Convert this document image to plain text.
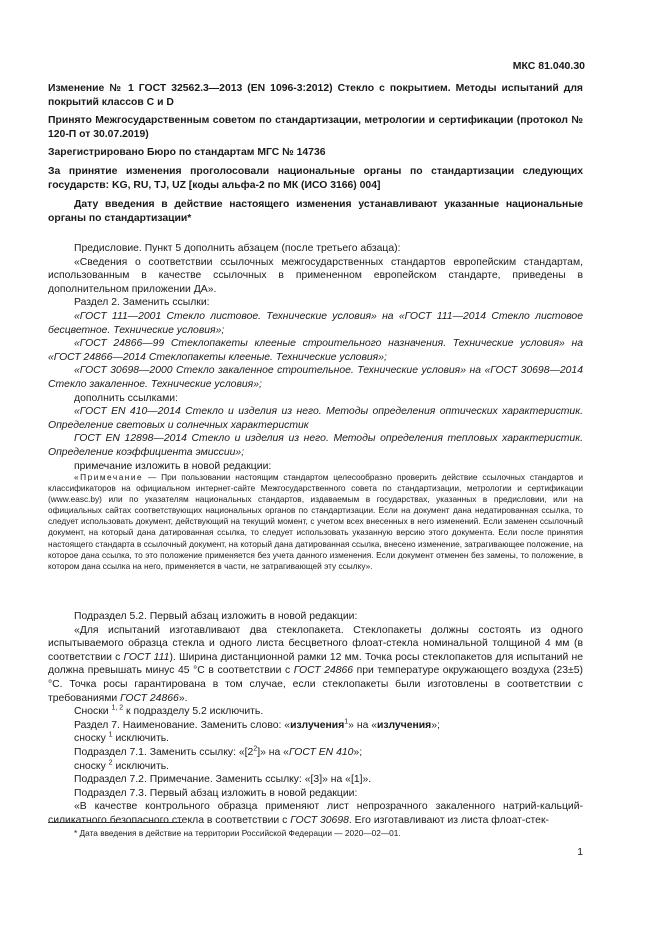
МКС 81.040.30
Изменение № 1 ГОСТ 32562.3—2013 (EN 1096-3:2012) Стекло с покрытием. Методы испытаний для покрытий классов C и D
Принято Межгосударственным советом по стандартизации, метрологии и сертификации (протокол № 120-П от 30.07.2019)
Зарегистрировано Бюро по стандартам МГС № 14736
За принятие изменения проголосовали национальные органы по стандартизации следующих государств: KG, RU, TJ, UZ [коды альфа-2 по МК (ИСО 3166) 004]
Дату введения в действие настоящего изменения устанавливают указанные национальные органы по стандартизации*

Предисловие. Пункт 5 дополнить абзацем (после третьего абзаца):

«Сведения о соответствии ссылочных межгосударственных стандартов европейским стандартам, использованным в качестве ссылочных в примененном европейском стандарте, приведены в дополнительном приложении ДА».

Раздел 2. Заменить ссылки:

«ГОСТ 111—2001 Стекло листовое. Технические условия» на «ГОСТ 111—2014 Стекло листовое бесцветное. Технические условия»;

«ГОСТ 24866—99 Стеклопакеты клееные строительного назначения. Технические условия» на «ГОСТ 24866—2014 Стеклопакеты клееные. Технические условия»;

«ГОСТ 30698—2000 Стекло закаленное строительное. Технические условия» на «ГОСТ 30698—2014 Стекло закаленное. Технические условия»;

дополнить ссылками:

«ГОСТ EN 410—2014 Стекло и изделия из него. Методы определения оптических характеристик. Определение световых и солнечных характеристик

ГОСТ EN 12898—2014 Стекло и изделия из него. Методы определения тепловых характеристик. Определение коэффициента эмиссии»;

примечание изложить в новой редакции:

«Примечание — При пользовании настоящим стандартом целесообразно проверить действие ссылочных стандартов и классификаторов на официальном интернет-сайте Межгосударственного совета по стандартизации, метрологии и сертификации (www.easc.by) или по указателям национальных стандартов, издаваемым в государствах, указанных в предисловии, или на официальных сайтах соответствующих национальных органов по стандартизации. Если на документ дана недатированная ссылка, то следует использовать документ, действующий на текущий момент, с учетом всех внесенных в него изменений. Если заменен ссылочный документ, на который дана датированная ссылка, то следует использовать указанную версию этого документа. Если после принятия настоящего стандарта в ссылочный документ, на который дана датированная ссылка, внесено изменение, затрагивающее положение, на которое дана ссылка, то это положение применяется без учета данного изменения. Если документ отменен без замены, то положение, в котором дана ссылка на него, применяется в части, не затрагивающей эту ссылку».

Подраздел 5.2. Первый абзац изложить в новой редакции:

«Для испытаний изготавливают два стеклопакета. Стеклопакеты должны состоять из одного испытываемого образца стекла и одного листа бесцветного флоат-стекла номинальной толщиной 4 мм (в соответствии с ГОСТ 111). Ширина дистанционной рамки 12 мм. Точка росы стеклопакетов для испытаний не должна превышать минус 45 °С в соответствии с ГОСТ 24866 при температуре окружающего воздуха (23±5) °С. Точка росы гарантирована в том случае, если стеклопакеты были изготовлены в соответствии с требованиями ГОСТ 24866».

Сноски $^{1, 2}$ к подразделу 5.2 исключить.

Раздел 7. Наименование. Заменить слово: «излучения$^1$» на «излучения»;

сноску $^1$ исключить.

Подраздел 7.1. Заменить ссылку: «$[2^2]$» на «ГОСТ EN 410»;

сноску $^2$ исключить.

Подраздел 7.2. Примечание. Заменить ссылку: «[3]» на «[1]».

Подраздел 7.3. Первый абзац изложить в новой редакции:

«В качестве контрольного образца применяют лист непрозрачного закаленного натрий-кальций-силикатного безопасного стекла в соответствии с ГОСТ 30698. Его изготавливают из листа флоат-стек-

* Дата введения в действие на территории Российской Федерации — 2020—02—01.
1
